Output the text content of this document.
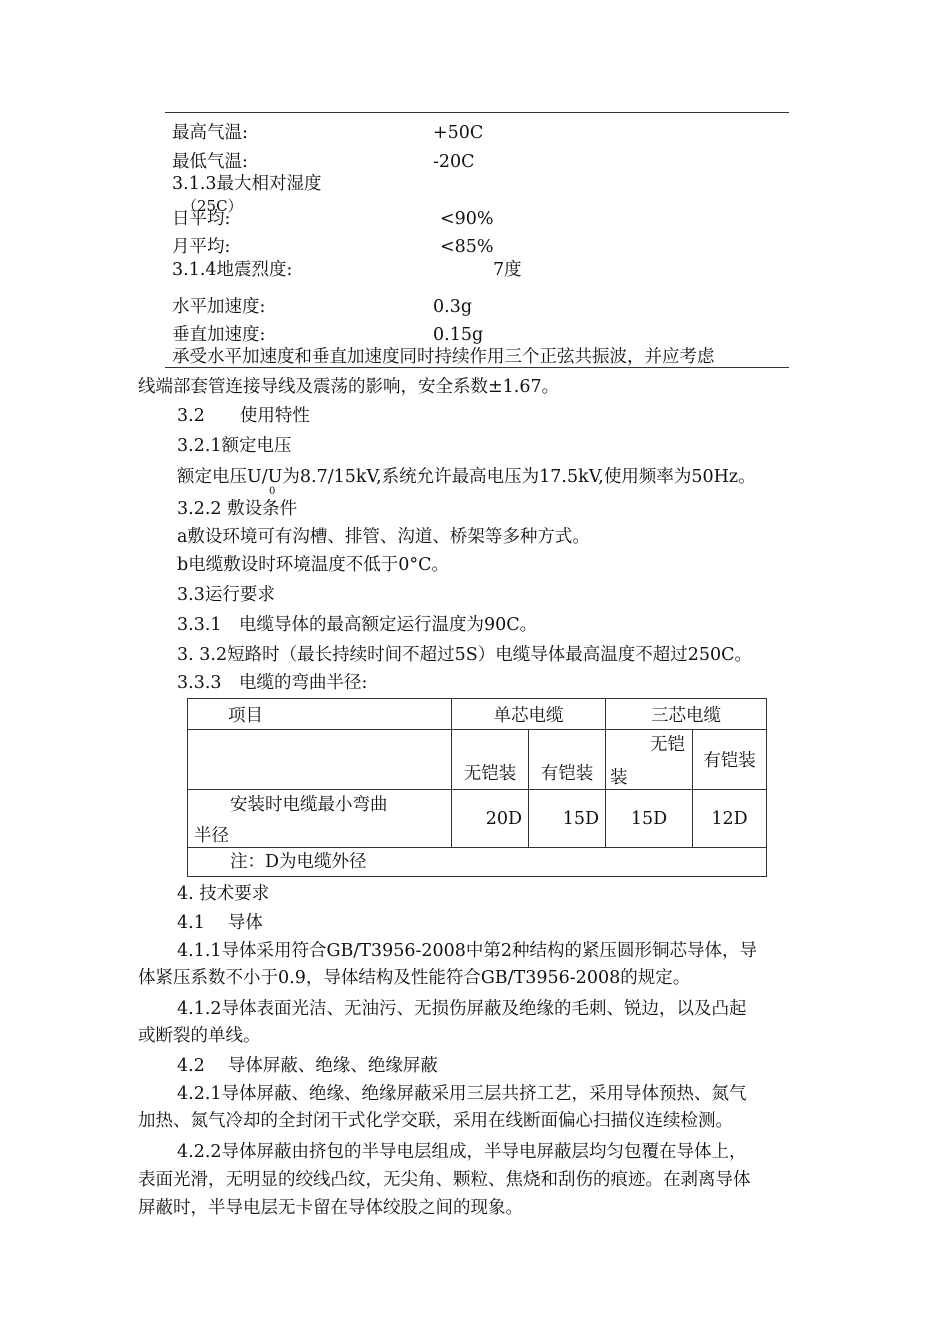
最高气温:	+50C
最低气温:	-20C
3.1.3最大相对湿度
（25C）
日平均:	<90%
月平均:	<85%
3.1.4地震烈度:	7度
水平加速度:	0.3g
垂直加速度:	0.15g
承受水平加速度和垂直加速度同时持续作用三个正弦共振波，并应考虑
线端部套管连接导线及震荡的影响，安全系数±1.67。
3.2　　使用特性
3.2.1额定电压
额定电压U/U为8.7/15kV,系统允许最高电压为17.5kV,使用频率为50Hz。
0
3.2.2 敷设条件
a敷设环境可有沟槽、排管、沟道、桥架等多种方式。
b电缆敷设时环境温度不低于0°C。
3.3运行要求
3.3.1　电缆导体的最高额定运行温度为90C。
3. 3.2短路时（最长持续时间不超过5S）电缆导体最高温度不超过250C。
3.3.3　电缆的弯曲半径:
项目	单芯电缆		三芯电缆	
	无铠装	有铠装	无铠
装	有铠装

安装时电缆最小弯曲
半径	20D	15D	15D	12D
注：D为电缆外径				
4. 技术要求
4.1　 导体
4.1.1导体采用符合GB/T3956-2008中第2种结构的紧压圆形铜芯导体，导
体紧压系数不小于0.9，导体结构及性能符合GB/T3956-2008的规定。
4.1.2导体表面光洁、无油污、无损伤屏蔽及绝缘的毛刺、锐边，以及凸起
或断裂的单线。
4.2　 导体屏蔽、绝缘、绝缘屏蔽
4.2.1导体屏蔽、绝缘、绝缘屏蔽采用三层共挤工艺，采用导体预热、氮气
加热、氮气冷却的全封闭干式化学交联，采用在线断面偏心扫描仪连续检测。
4.2.2导体屏蔽由挤包的半导电层组成，半导电屏蔽层均匀包覆在导体上，
表面光滑，无明显的绞线凸纹，无尖角、颗粒、焦烧和刮伤的痕迹。在剥离导体
屏蔽时，半导电层无卡留在导体绞股之间的现象。
